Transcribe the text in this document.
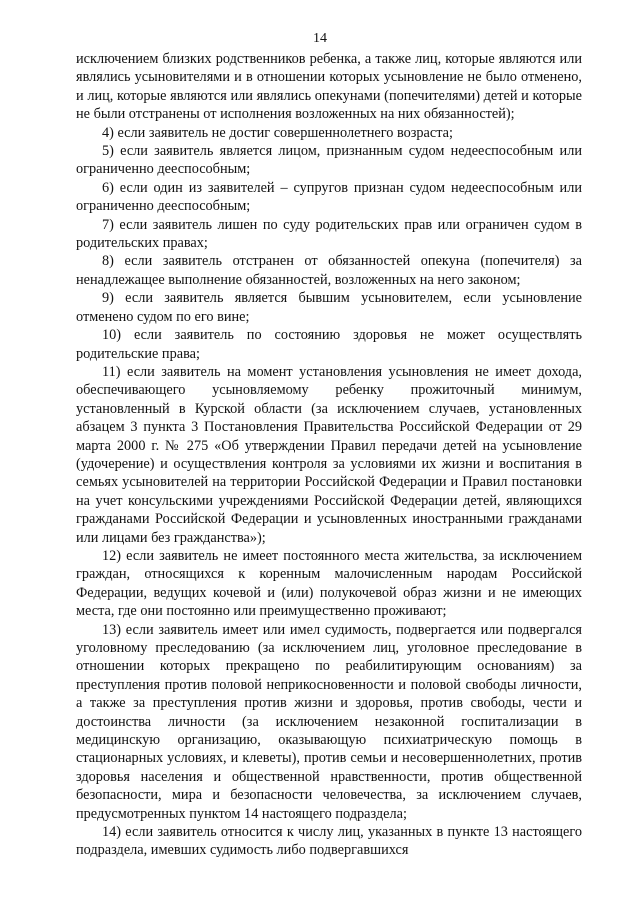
14

исключением близких родственников ребенка, а также лиц, которые являются или являлись усыновителями и в отношении которых усыновление не было отменено, и лиц, которые являются или являлись опекунами (попечителями) детей и которые не были отстранены от исполнения возложенных на них обязанностей);

4) если заявитель не достиг совершеннолетнего возраста;

5) если заявитель является лицом, признанным судом недееспособным или ограниченно дееспособным;

6) если один из заявителей – супругов признан судом недееспособным или ограниченно дееспособным;

7) если заявитель лишен по суду родительских прав или ограничен судом в родительских правах;

8) если заявитель отстранен от обязанностей опекуна (попечителя) за ненадлежащее выполнение обязанностей, возложенных на него законом;

9) если заявитель является бывшим усыновителем, если усыновление отменено судом по его вине;

10) если заявитель по состоянию здоровья не может осуществлять родительские права;

11) если заявитель на момент установления усыновления не имеет дохода, обеспечивающего усыновляемому ребенку прожиточный минимум, установленный в Курской области (за исключением случаев, установленных абзацем 3 пункта 3 Постановления Правительства Российской Федерации от 29 марта 2000 г. № 275 «Об утверждении Правил передачи детей на усыновление (удочерение) и осуществления контроля за условиями их жизни и воспитания в семьях усыновителей на территории Российской Федерации и Правил постановки на учет консульскими учреждениями Российской Федерации детей, являющихся гражданами Российской Федерации и усыновленных иностранными гражданами или лицами без гражданства»);

12) если заявитель не имеет постоянного места жительства, за исключением граждан, относящихся к коренным малочисленным народам Российской Федерации, ведущих кочевой и (или) полукочевой образ жизни и не имеющих места, где они постоянно или преимущественно проживают;

13) если заявитель имеет или имел судимость, подвергается или подвергался уголовному преследованию (за исключением лиц, уголовное преследование в отношении которых прекращено по реабилитирующим основаниям) за преступления против половой неприкосновенности и половой свободы личности, а также за преступления против жизни и здоровья, против свободы, чести и достоинства личности (за исключением незаконной госпитализации в медицинскую организацию, оказывающую психиатрическую помощь в стационарных условиях, и клеветы), против семьи и несовершеннолетних, против здоровья населения и общественной нравственности, против общественной безопасности, мира и безопасности человечества, за исключением случаев, предусмотренных пунктом 14 настоящего подраздела;

14) если заявитель относится к числу лиц, указанных в пункте 13 настоящего подраздела, имевших судимость либо подвергавшихся
